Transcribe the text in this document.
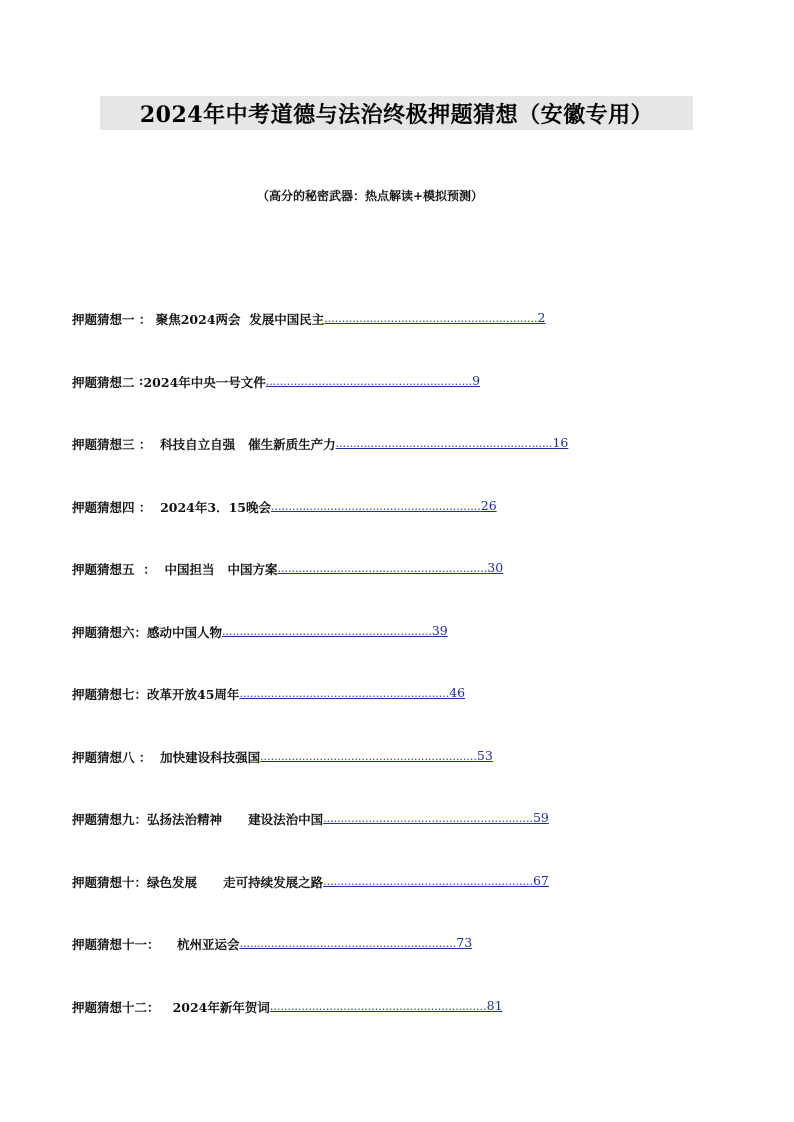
2024年中考道德与法治终极押题猜想（安徽专用）
（高分的秘密武器：热点解读+模拟预测）
押题猜想一 ： 聚焦2024两会  发展中国民主 .............................................................2
押题猜想二 : 2024年中央一号文件 ...........................................................9
押题猜想三 ： 科技自立自强   催生新质生产力 ..............................................................16
押题猜想四 ： 2024年3．15晚会 ............................................................26
押题猜想五 ： 中国担当   中国方案 ............................................................30
押题猜想六 ： 感动中国人物 ............................................................39
押题猜想七 ： 改革开放45周年 ............................................................46
押题猜想八 ： 加快建设科技强国 ..............................................................53
押题猜想九 ： 弘扬法治精神      建设法治中国 ............................................................59
押题猜想十 ： 绿色发展      走可持续发展之路 ............................................................67
押题猜想十一 ： 杭州亚运会 ..............................................................73
押题猜想十二 ： 2024年新年贺词 ..............................................................81
